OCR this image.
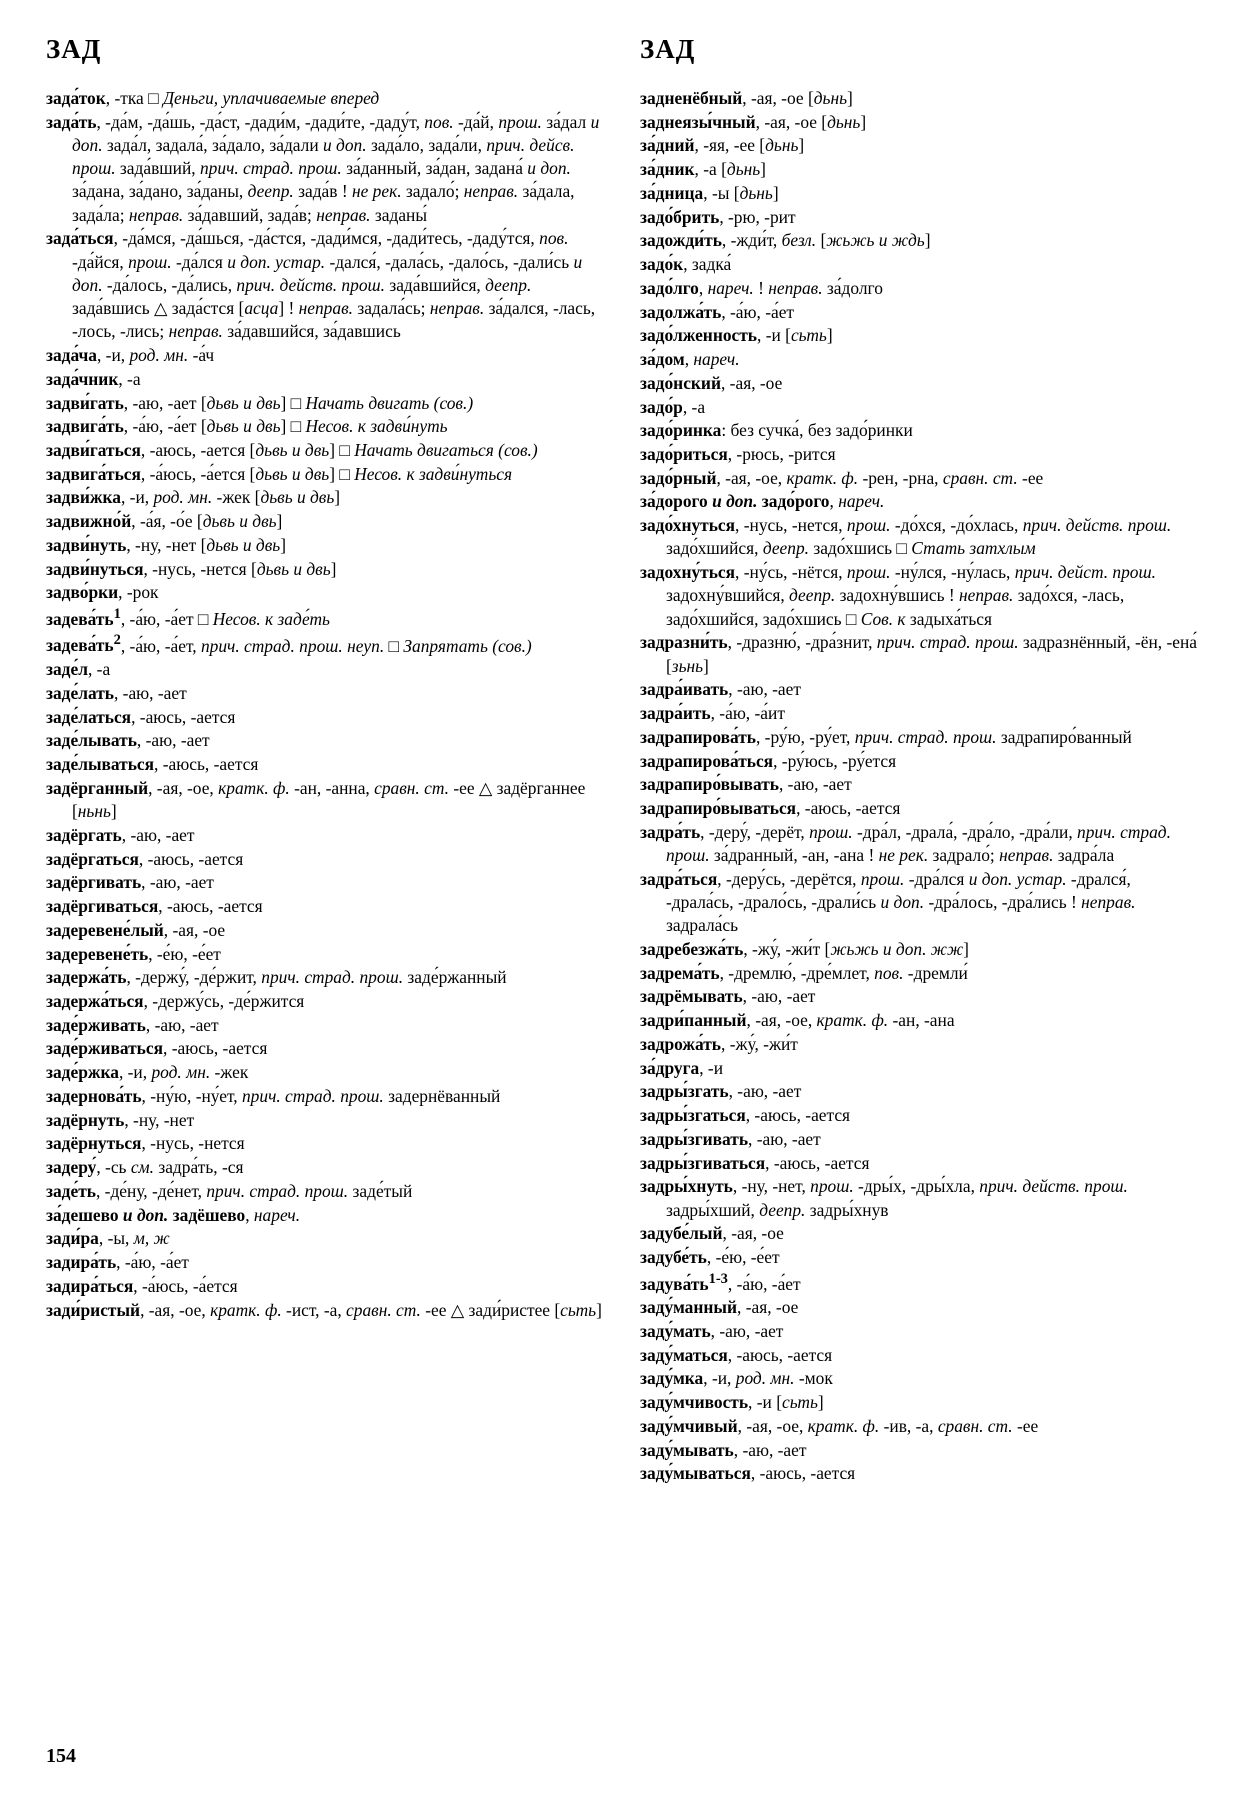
ЗАД
зада́ток, -тка □ Деньги, уплачиваемые вперед
зада́ть, -да́м, -да́шь, -да́ст, -дади́м, -дади́те, -даду́т, пов. -да́й, прош. за́дал и доп. зада́л, задала́, за́дало, за́дали и доп. зада́ло, зада́ли, прич. дейсв. прош. зада́вший, прич. страд. прош. за́данный, за́дан, задана́ и доп. за́дана, за́дано, за́даны, деепр. зада́в ! не рек. задало́; неправ. за́дала, зада́ла; неправ. за́давший, зада́в; неправ. заданы́
зада́ться, -да́мся, -да́шься, -да́стся, -дади́мся, -дади́тесь, -даду́тся, пов. -да́йся, прош. -да́лся и доп. устар. -дался́, -дала́сь, -дало́сь, -дали́сь и доп. -да́лось, -да́лись, прич. действ. прош. зада́вшийся, деепр. зада́вшись △ зада́стся [асца] ! неправ. задала́сь; неправ. за́дался, -лась, -лось, -лись; неправ. за́давшийся, за́давшись
зада́ча, -и, род. мн. -а́ч
зада́чник, -а
задви́гать, -аю, -ает [дьвь и двь] □ Начать двигать (сов.)
задвига́ть, -а́ю, -а́ет [дьвь и двь] □ Несов. к задви́нуть
задви́гаться, -аюсь, -ается [дьвь и двь] □ Начать двигаться (сов.)
задвига́ться, -а́юсь, -а́ется [дьвь и двь] □ Несов. к задви́нуться
задви́жка, -и, род. мн. -жек [дьвь и двь]
задвижно́й, -а́я, -о́е [дьвь и двь]
задви́нуть, -ну, -нет [дьвь и двь]
задви́нуться, -нусь, -нется [дьвь и двь]
задво́рки, -рок
$задева́ть^1$, -а́ю, -а́ет □ Несов. к заде́ть
$задева́ть^2$, -а́ю, -а́ет, прич. страд. прош. неуп. □ Запрятать (сов.)
заде́л, -а
заде́лать, -аю, -ает
заде́латься, -аюсь, -ается
заде́лывать, -аю, -ает
заде́лываться, -аюсь, -ается
задёрганный, -ая, -ое, кратк. ф. -ан, -анна, сравн. ст. -ее △ задёрганнее [ньнь]
задёргать, -аю, -ает
задёргаться, -аюсь, -ается
задёргивать, -аю, -ает
задёргиваться, -аюсь, -ается
задеревене́лый, -ая, -ое
задеревене́ть, -е́ю, -е́ет
задержа́ть, -держу́, -де́ржит, прич. страд. прош. заде́ржанный
задержа́ться, -держу́сь, -де́ржится
заде́рживать, -аю, -ает
заде́рживаться, -аюсь, -ается
заде́ржка, -и, род. мн. -жек
задернова́ть, -ну́ю, -ну́ет, прич. страд. прош. задернёванный
задёрнуть, -ну, -нет
задёрнуться, -нусь, -нется
задеру́, -сь см. задра́ть, -ся
заде́ть, -де́ну, -де́нет, прич. страд. прош. заде́тый
за́дешево и доп. задёшево, нареч.
зади́ра, -ы, м, ж
задира́ть, -а́ю, -а́ет
задира́ться, -а́юсь, -а́ется
зади́ристый, -ая, -ое, кратк. ф. -ист, -а, сравн. ст. -ее △ зади́ристее [сьть]
ЗАД
задненёбный, -ая, -ое [дьнь]
заднеязы́чный, -ая, -ое [дьнь]
за́дний, -яя, -ее [дьнь]
за́дник, -а [дьнь]
за́дница, -ы [дьнь]
задо́брить, -рю, -рит
задожди́ть, -жди́т, безл. [жьжь и ждь]
задо́к, задка́
задо́лго, нареч. ! неправ. за́долго
задолжа́ть, -а́ю, -а́ет
задо́лженность, -и [сьть]
за́дом, нареч.
задо́нский, -ая, -ое
задо́р, -а
задо́ринка: без сучка́, без задо́ринки
задо́риться, -рюсь, -рится
задо́рный, -ая, -ое, кратк. ф. -рен, -рна, сравн. ст. -ее
за́дорого и доп. задо́рого, нареч.
задо́хнуться, -нусь, -нется, прош. -до́хся, -до́хлась, прич. действ. прош. задо́хшийся, деепр. задо́хшись □ Стать затхлым
задохну́ться, -ну́сь, -нётся, прош. -ну́лся, -ну́лась, прич. дейст. прош. задохну́вшийся, деепр. задохну́вшись ! неправ. задо́хся, -лась, задо́хшийся, задо́хшись □ Сов. к задыха́ться
задразни́ть, -дразню́, -дра́знит, прич. страд. прош. задразнённый, -ён, -ена́ [зьнь]
задра́ивать, -аю, -ает
задра́ить, -а́ю, -а́ит
задрапирова́ть, -ру́ю, -ру́ет, прич. страд. прош. задрапиро́ванный
задрапирова́ться, -ру́юсь, -ру́ется
задрапиро́вывать, -аю, -ает
задрапиро́вываться, -аюсь, -ается
задра́ть, -деру́, -дерёт, прош. -дра́л, -драла́, -дра́ло, -дра́ли, прич. страд. прош. за́дранный, -ан, -ана ! не рек. задрало́; неправ. задра́ла
задра́ться, -деру́сь, -дерётся, прош. -дра́лся и доп. устар. -дрался́, -драла́сь, -драло́сь, -драли́сь и доп. -дра́лось, -дра́лись ! неправ. задрала́сь
задребезжа́ть, -жу́, -жи́т [жьжь и доп. жж]
задрема́ть, -дремлю́, -дре́млет, пов. -дремли́
задрёмывать, -аю, -ает
задри́панный, -ая, -ое, кратк. ф. -ан, -ана
задрожа́ть, -жу́, -жи́т
за́друга, -и
задры́згать, -аю, -ает
задры́згаться, -аюсь, -ается
задры́згивать, -аю, -ает
задры́згиваться, -аюсь, -ается
задры́хнуть, -ну, -нет, прош. -дры́х, -дры́хла, прич. действ. прош. задры́хший, деепр. задры́хнув
задубе́лый, -ая, -ое
задубе́ть, -е́ю, -е́ет
$задува́ть^{1-3}$, -а́ю, -а́ет
заду́манный, -ая, -ое
заду́мать, -аю, -ает
заду́маться, -аюсь, -ается
заду́мка, -и, род. мн. -мок
заду́мчивость, -и [сьть]
заду́мчивый, -ая, -ое, кратк. ф. -ив, -а, сравн. ст. -ее
заду́мывать, -аю, -ает
заду́мываться, -аюсь, -ается
154
